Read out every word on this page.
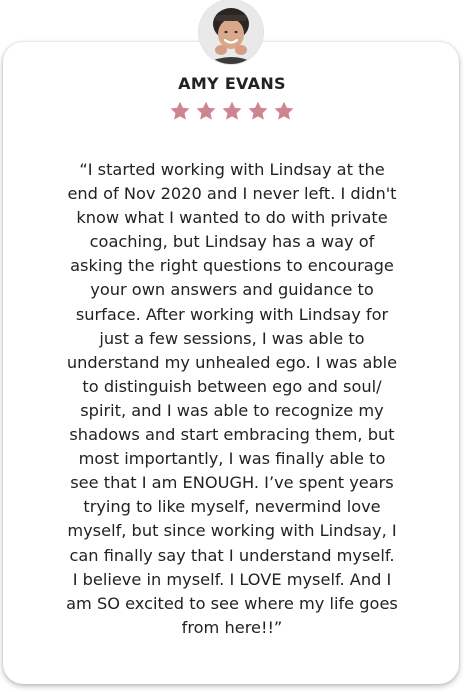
AMY EVANS
“I started working with Lindsay at the
end of Nov 2020 and I never left. I didn't
know what I wanted to do with private
coaching, but Lindsay has a way of
asking the right questions to encourage
your own answers and guidance to
surface. After working with Lindsay for
just a few sessions, I was able to
understand my unhealed ego. I was able
to distinguish between ego and soul/
spirit, and I was able to recognize my
shadows and start embracing them, but
most importantly, I was finally able to
see that I am ENOUGH. I’ve spent years
trying to like myself, nevermind love
myself, but since working with Lindsay, I
can finally say that I understand myself.
I believe in myself. I LOVE myself. And I
am SO excited to see where my life goes
from here!!”
